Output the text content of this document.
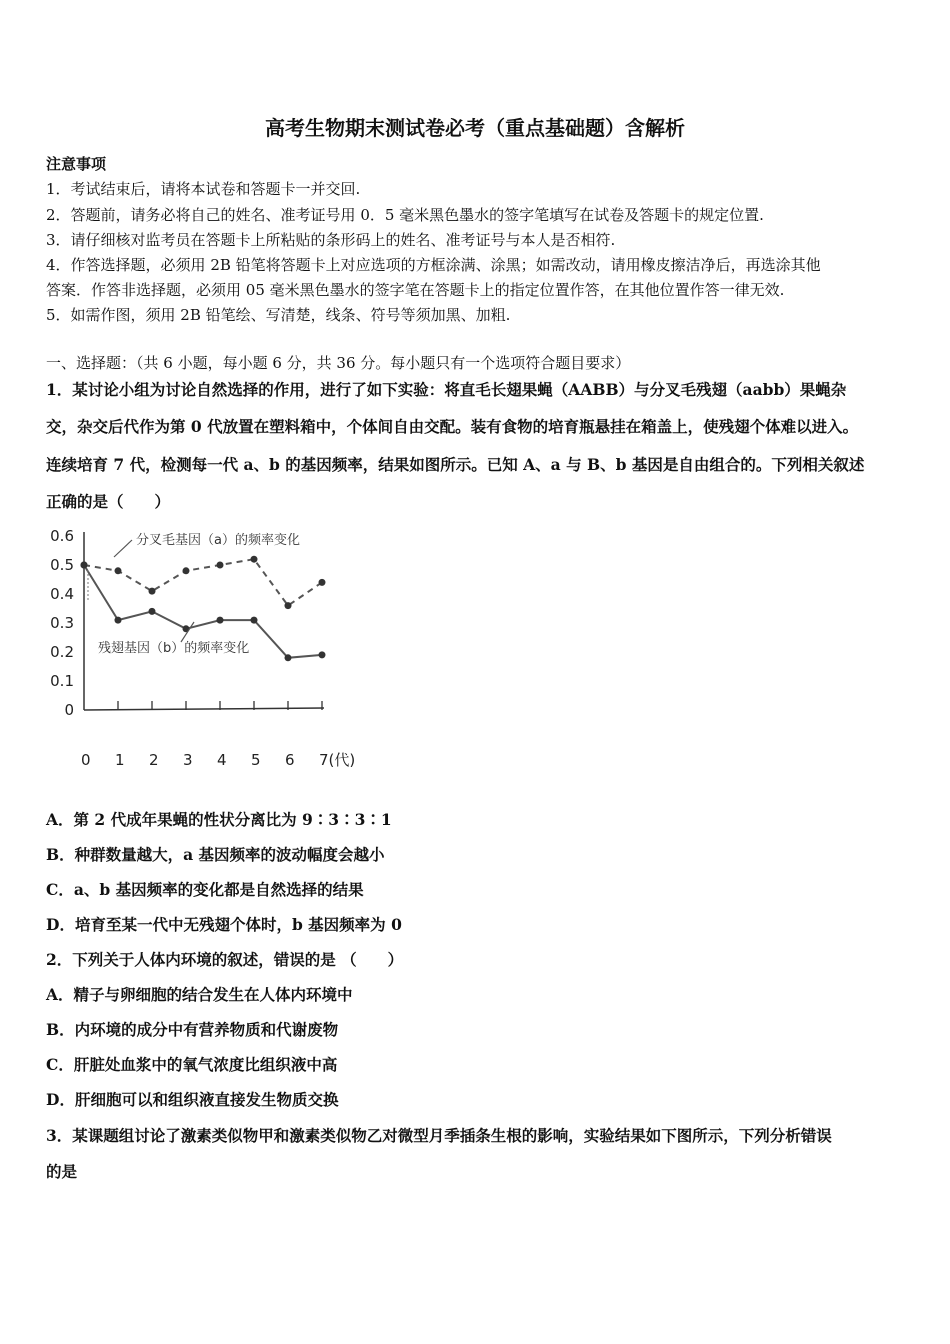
高考生物期末测试卷必考（重点基础题）含解析
注意事项
1．考试结束后，请将本试卷和答题卡一并交回.
2．答题前，请务必将自己的姓名、准考证号用 0．5 毫米黑色墨水的签字笔填写在试卷及答题卡的规定位置.
3．请仔细核对监考员在答题卡上所粘贴的条形码上的姓名、准考证号与本人是否相符.
4．作答选择题，必须用 2B 铅笔将答题卡上对应选项的方框涂满、涂黑；如需改动，请用橡皮擦洁净后，再选涂其他
答案．作答非选择题，必须用 05 毫米黑色墨水的签字笔在答题卡上的指定位置作答，在其他位置作答一律无效.
5．如需作图，须用 2B 铅笔绘、写清楚，线条、符号等须加黑、加粗.
一、选择题：（共 6 小题，每小题 6 分，共 36 分。每小题只有一个选项符合题目要求）
1．某讨论小组为讨论自然选择的作用，进行了如下实验：将直毛长翅果蝇（AABB）与分叉毛残翅（aabb）果蝇杂
交，杂交后代作为第 0 代放置在塑料箱中，个体间自由交配。装有食物的培育瓶悬挂在箱盖上，使残翅个体难以进入。
连续培育 7 代，检测每一代 a、b 的基因频率，结果如图所示。已知 A、a 与 B、b 基因是自由组合的。下列相关叙述
正确的是（　　）
0
0.1
0.2
0.3
0.4
0.5
0.6
0 1 2 3 4 5 6 7(代)
分叉毛基因（a）的频率变化
残翅基因（b）的频率变化
A．第 2 代成年果蝇的性状分离比为 9∶3∶3∶1
B．种群数量越大，a 基因频率的波动幅度会越小
C．a、b 基因频率的变化都是自然选择的结果
D．培育至某一代中无残翅个体时，b 基因频率为 0
2．下列关于人体内环境的叙述，错误的是 （　　）
A．精子与卵细胞的结合发生在人体内环境中
B．内环境的成分中有营养物质和代谢废物
C．肝脏处血浆中的氧气浓度比组织液中高
D．肝细胞可以和组织液直接发生物质交换
3．某课题组讨论了激素类似物甲和激素类似物乙对微型月季插条生根的影响，实验结果如下图所示，下列分析错误
的是
